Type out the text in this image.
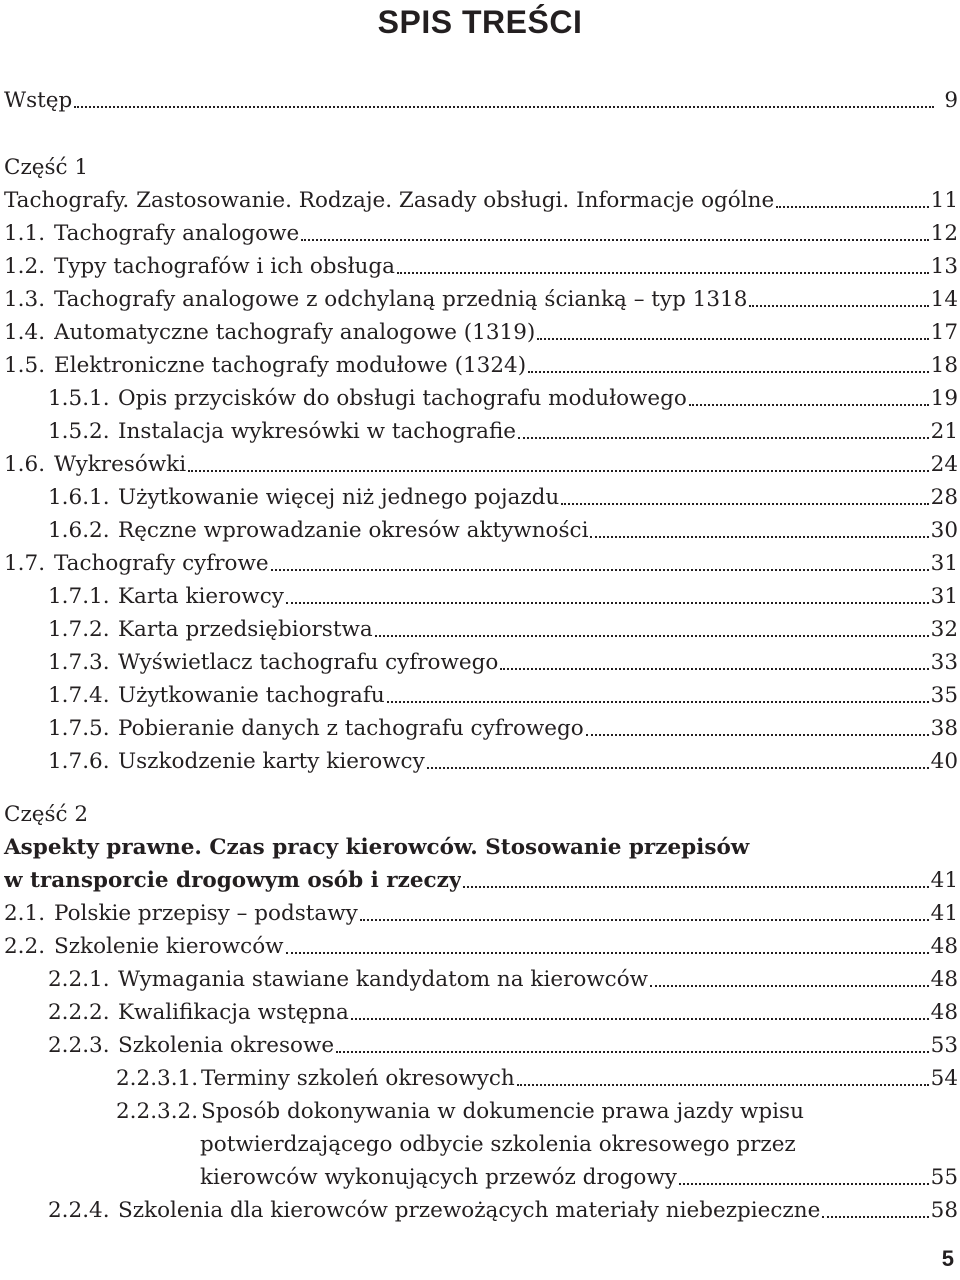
SPIS TREŚCI
Wstęp	9
Część 1
Tachografy. Zastosowanie. Rodzaje. Zasady obsługi. Informacje ogólne	11
1.1. Tachografy analogowe	12
1.2. Typy tachografów i ich obsługa	13
1.3. Tachografy analogowe z odchylaną przednią ścianką – typ 1318	14
1.4. Automatyczne tachografy analogowe (1319)	17
1.5. Elektroniczne tachografy modułowe (1324)	18
1.5.1. Opis przycisków do obsługi tachografu modułowego	19
1.5.2. Instalacja wykresówki w tachografie	21
1.6. Wykresówki	24
1.6.1. Użytkowanie więcej niż jednego pojazdu	28
1.6.2. Ręczne wprowadzanie okresów aktywności	30
1.7. Tachografy cyfrowe	31
1.7.1. Karta kierowcy	31
1.7.2. Karta przedsiębiorstwa	32
1.7.3. Wyświetlacz tachografu cyfrowego	33
1.7.4. Użytkowanie tachografu	35
1.7.5. Pobieranie danych z tachografu cyfrowego	38
1.7.6. Uszkodzenie karty kierowcy	40
Część 2
Aspekty prawne. Czas pracy kierowców. Stosowanie przepisów
w transporcie drogowym osób i rzeczy	41
2.1. Polskie przepisy – podstawy	41
2.2. Szkolenie kierowców	48
2.2.1. Wymagania stawiane kandydatom na kierowców	48
2.2.2. Kwalifikacja wstępna	48
2.2.3. Szkolenia okresowe	53
2.2.3.1. Terminy szkoleń okresowych	54
2.2.3.2. Sposób dokonywania w dokumencie prawa jazdy wpisu
potwierdzającego odbycie szkolenia okresowego przez
kierowców wykonujących przewóz drogowy	55
2.2.4. Szkolenia dla kierowców przewożących materiały niebezpieczne	58
5
